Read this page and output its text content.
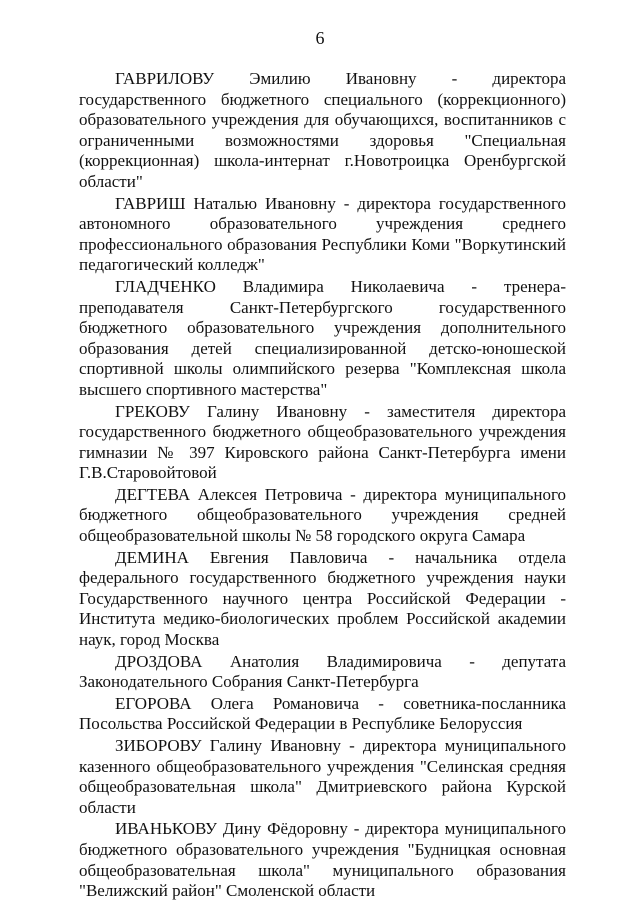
6

ГАВРИЛОВУ Эмилию Ивановну - директора государственного бюджетного специального (коррекционного) образовательного учреждения для обучающихся, воспитанников с ограниченными возможностями здоровья "Специальная (коррекционная) школа-интернат г.Новотроицка Оренбургской области"

ГАВРИШ Наталью Ивановну - директора государственного автономного образовательного учреждения среднего профессионального образования Республики Коми "Воркутинский педагогический колледж"

ГЛАДЧЕНКО Владимира Николаевича - тренера-преподавателя Санкт-Петербургского государственного бюджетного образовательного учреждения дополнительного образования детей специализированной детско-юношеской спортивной школы олимпийского резерва "Комплексная школа высшего спортивного мастерства"

ГРЕКОВУ Галину Ивановну - заместителя директора государственного бюджетного общеобразовательного учреждения гимназии № 397 Кировского района Санкт-Петербурга имени Г.В.Старовойтовой

ДЕГТЕВА Алексея Петровича - директора муниципального бюджетного общеобразовательного учреждения средней общеобразовательной школы № 58 городского округа Самара

ДЕМИНА Евгения Павловича - начальника отдела федерального государственного бюджетного учреждения науки Государственного научного центра Российской Федерации - Института медико-биологических проблем Российской академии наук, город Москва

ДРОЗДОВА Анатолия Владимировича - депутата Законодательного Собрания Санкт-Петербурга

ЕГОРОВА Олега Романовича - советника-посланника Посольства Российской Федерации в Республике Белоруссия

ЗИБОРОВУ Галину Ивановну - директора муниципального казенного общеобразовательного учреждения "Селинская средняя общеобразовательная школа" Дмитриевского района Курской области

ИВАНЬКОВУ Дину Фёдоровну - директора муниципального бюджетного образовательного учреждения "Будницкая основная общеобразовательная школа" муниципального образования "Велижский район" Смоленской области
